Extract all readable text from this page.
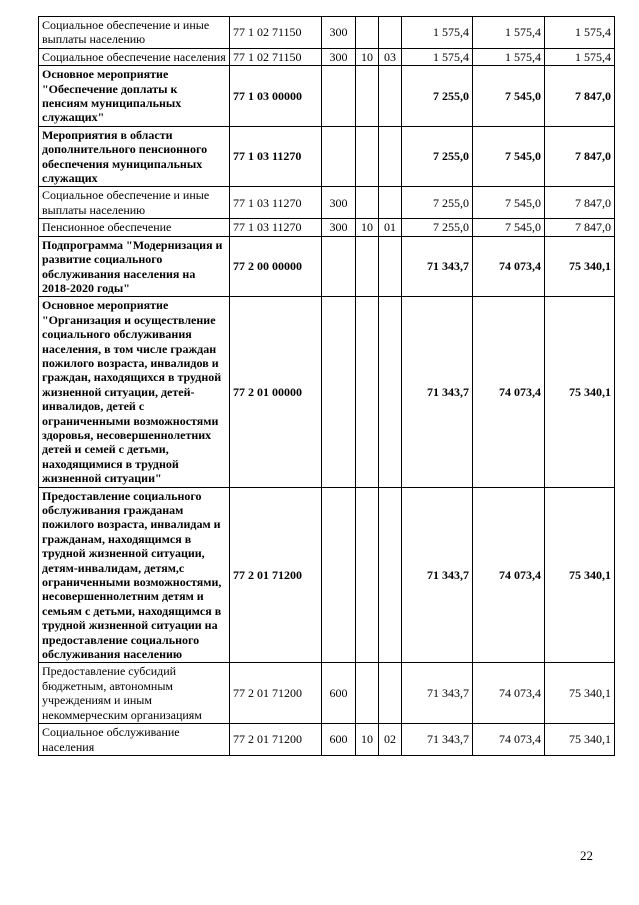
Социальное обеспечение и иные выплаты населению	77 1 02 71150	300			1 575,4	1 575,4	1 575,4
Социальное обеспечение населения	77 1 02 71150	300	10	03	1 575,4	1 575,4	1 575,4
Основное мероприятие "Обеспечение доплаты к пенсиям муниципальных служащих"	77 1 03 00000				7 255,0	7 545,0	7 847,0
Мероприятия в области дополнительного пенсионного обеспечения муниципальных служащих	77 1 03 11270				7 255,0	7 545,0	7 847,0
Социальное обеспечение и иные выплаты населению	77 1 03 11270	300			7 255,0	7 545,0	7 847,0
Пенсионное обеспечение	77 1 03 11270	300	10	01	7 255,0	7 545,0	7 847,0
Подпрограмма "Модернизация и развитие социального обслуживания населения на 2018-2020 годы"	77 2 00 00000				71 343,7	74 073,4	75 340,1
Основное мероприятие "Организация и осуществление социального обслуживания населения, в том числе граждан пожилого возраста, инвалидов и граждан, находящихся в трудной жизненной ситуации, детей-инвалидов, детей с ограниченными возможностями здоровья, несовершеннолетних детей и семей с детьми, находящимися в трудной жизненной ситуации"	77 2 01 00000				71 343,7	74 073,4	75 340,1
Предоставление социального обслуживания гражданам пожилого возраста, инвалидам и гражданам, находящимся в трудной жизненной ситуации, детям-инвалидам, детям,с ограниченными возможностями, несовершеннолетним детям и семьям с детьми, находящимся в трудной жизненной ситуации на предоставление социального обслуживания населению	77 2 01 71200				71 343,7	74 073,4	75 340,1
Предоставление субсидий бюджетным, автономным учреждениям и иным некоммерческим организациям	77 2 01 71200	600			71 343,7	74 073,4	75 340,1
Социальное обслуживание населения	77 2 01 71200	600	10	02	71 343,7	74 073,4	75 340,1
22
